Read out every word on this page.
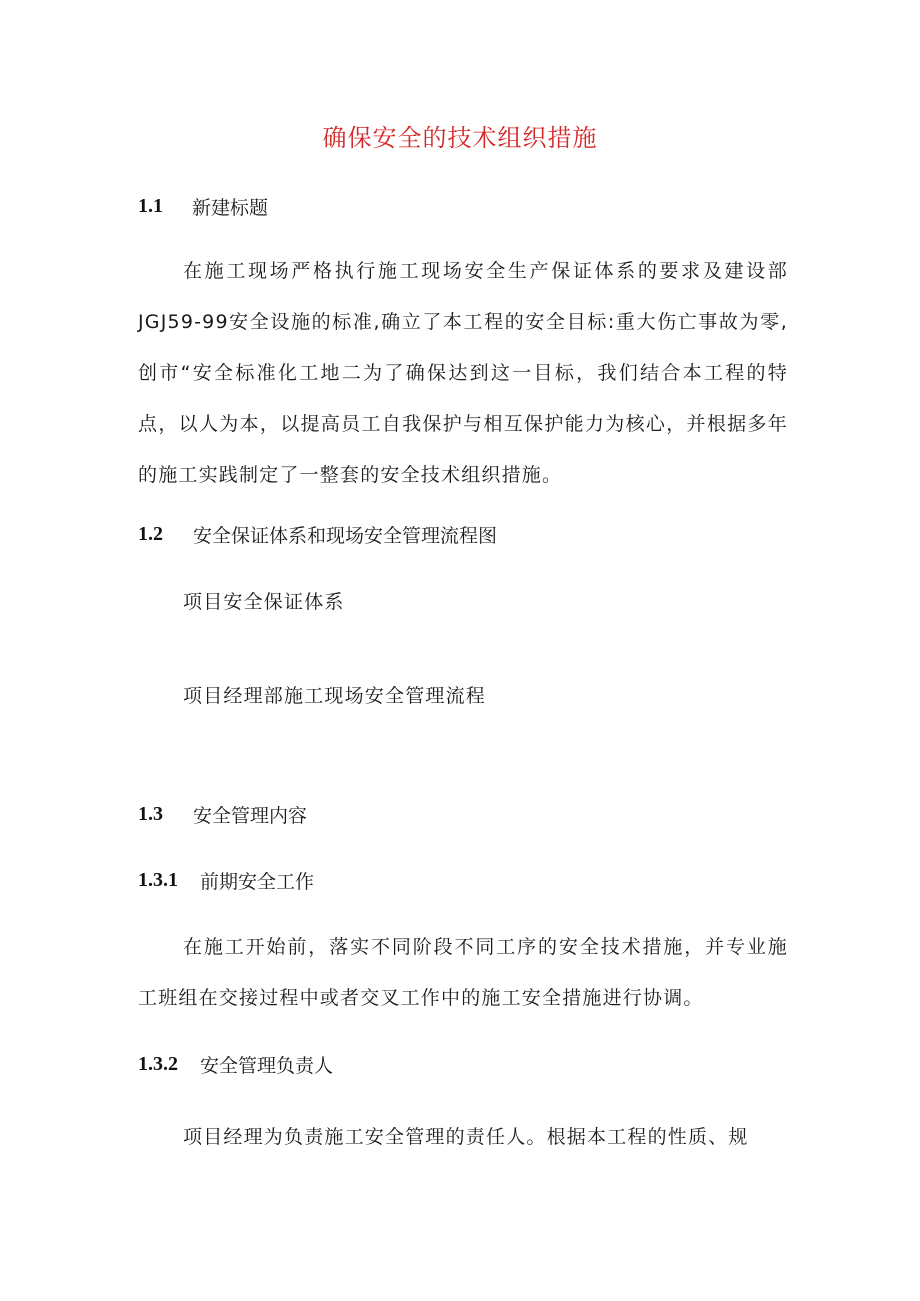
确保安全的技术组织措施
1.1	新建标题
在施工现场严格执行施工现场安全生产保证体系的要求及建设部JGJ59-99安全设施的标准,确立了本工程的安全目标:重大伤亡事故为零,创市“安全标准化工地二为了确保达到这一目标，我们结合本工程的特点，以人为本，以提高员工自我保护与相互保护能力为核心，并根据多年的施工实践制定了一整套的安全技术组织措施。
1.2	安全保证体系和现场安全管理流程图
项目安全保证体系
项目经理部施工现场安全管理流程
1.3	安全管理内容
1.3.1	前期安全工作
在施工开始前，落实不同阶段不同工序的安全技术措施，并专业施工班组在交接过程中或者交叉工作中的施工安全措施进行协调。
1.3.2	安全管理负责人
项目经理为负责施工安全管理的责任人。根据本工程的性质、规
